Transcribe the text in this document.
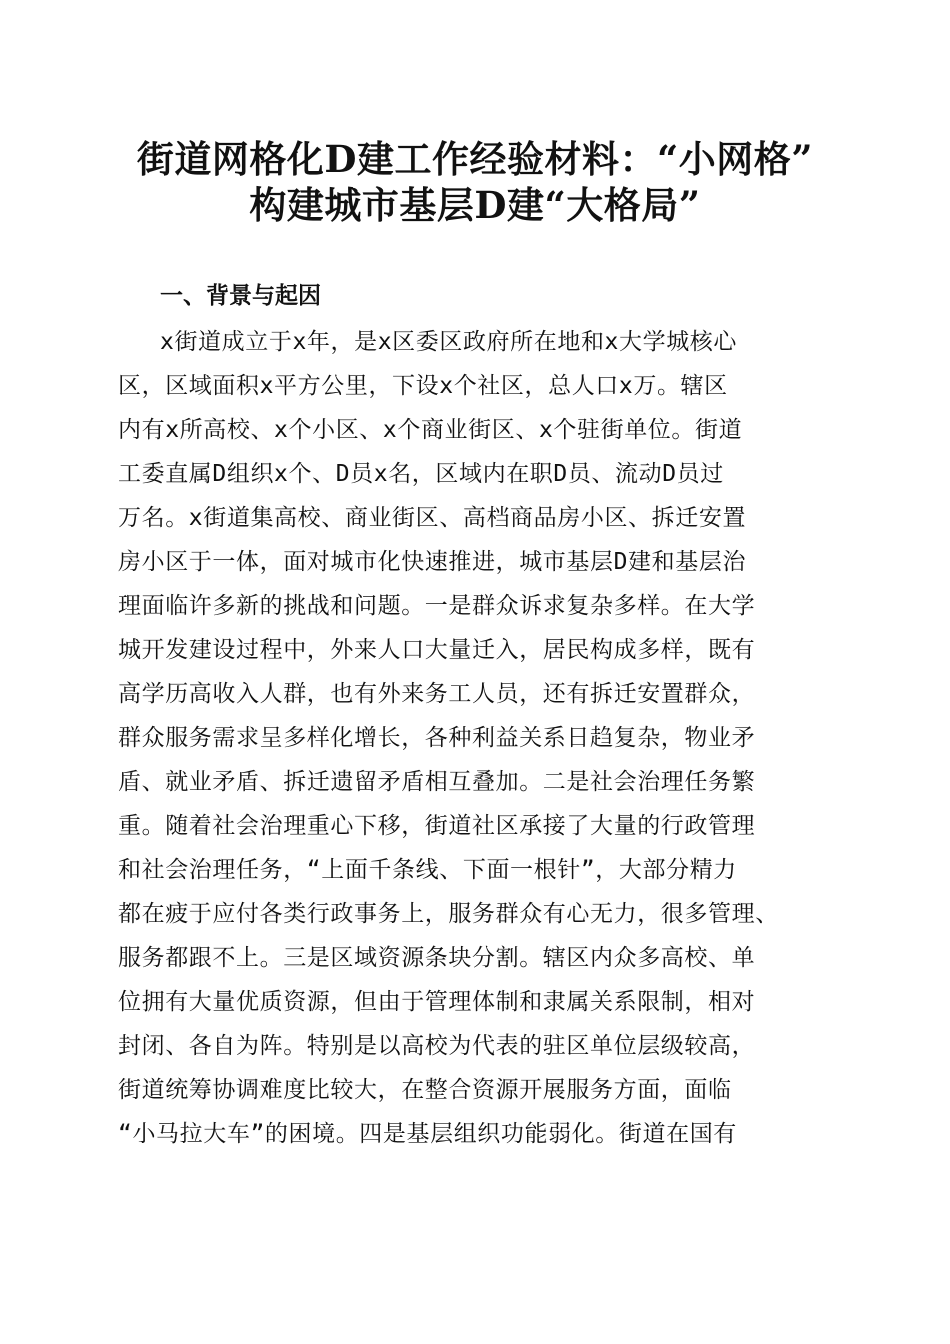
街道网格化D建工作经验材料：“小网格”
构建城市基层D建“大格局”
一、背景与起因
x街道成立于x年，是x区委区政府所在地和x大学城核心
区，区域面积x平方公里，下设x个社区，总人口x万。辖区
内有x所高校、x个小区、x个商业街区、x个驻街单位。街道
工委直属D组织x个、D员x名，区域内在职D员、流动D员过
万名。x街道集高校、商业街区、高档商品房小区、拆迁安置
房小区于一体，面对城市化快速推进，城市基层D建和基层治
理面临许多新的挑战和问题。一是群众诉求复杂多样。在大学
城开发建设过程中，外来人口大量迁入，居民构成多样，既有
高学历高收入人群，也有外来务工人员，还有拆迁安置群众，
群众服务需求呈多样化增长，各种利益关系日趋复杂，物业矛
盾、就业矛盾、拆迁遗留矛盾相互叠加。二是社会治理任务繁
重。随着社会治理重心下移，街道社区承接了大量的行政管理
和社会治理任务，“上面千条线、下面一根针”，大部分精力
都在疲于应付各类行政事务上，服务群众有心无力，很多管理、
服务都跟不上。三是区域资源条块分割。辖区内众多高校、单
位拥有大量优质资源，但由于管理体制和隶属关系限制，相对
封闭、各自为阵。特别是以高校为代表的驻区单位层级较高，
街道统筹协调难度比较大，在整合资源开展服务方面，面临
“小马拉大车”的困境。四是基层组织功能弱化。街道在国有
